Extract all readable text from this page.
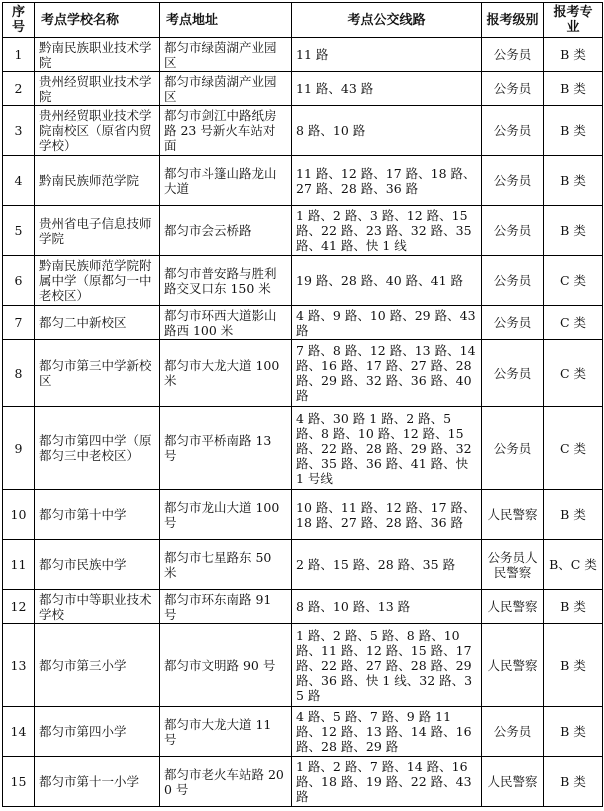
序号	考点学校名称	考点地址	考点公交线路	报考级别	报考专业
1	黔南民族职业技术学院	都匀市绿茵湖产业园区	11 路	公务员	B 类
2	贵州经贸职业技术学院	都匀市绿茵湖产业园区	11 路、43 路	公务员	B 类
3	贵州经贸职业技术学院南校区（原省内贸学校）	都匀市剑江中路纸房路 23 号新火车站对面	8 路、10 路	公务员	B 类
4	黔南民族师范学院	都匀市斗篷山路龙山大道	11 路、12 路、17 路、18 路、27 路、28 路、36 路	公务员	B 类
5	贵州省电子信息技师学院	都匀市会云桥路	1 路、2 路、3 路、12 路、15 路、22 路、23 路、32 路、35 路、41 路、快 1 线	公务员	B 类
6	黔南民族师范学院附属中学（原都匀一中老校区）	都匀市普安路与胜利路交叉口东 150 米	19 路、28 路、40 路、41 路	公务员	C 类
7	都匀二中新校区	都匀市环西大道影山路西 100 米	4 路、9 路、10 路、29 路、43 路	公务员	C 类
8	都匀市第三中学新校区	都匀市大龙大道 100 米	7 路、8 路、12 路、13 路、14 路、16 路、17 路、27 路、28 路、29 路、32 路、36 路、40 路	公务员	C 类
9	都匀市第四中学（原都匀三中老校区）	都匀市平桥南路 13 号	4 路、30 路 1 路、2 路、5 路、8 路、10 路、12 路、15 路、22 路、28 路、29 路、32 路、35 路、36 路、41 路、快 1 号线	公务员	C 类
10	都匀市第十中学	都匀市龙山大道 100 号	10 路、11 路、12 路、17 路、18 路、27 路、28 路、36 路	人民警察	B 类
11	都匀市民族中学	都匀市七星路东 50 米	2 路、15 路、28 路、35 路	公务员人民警察	B、C 类
12	都匀市中等职业技术学校	都匀市环东南路 91 号	8 路、10 路、13 路	人民警察	B 类
13	都匀市第三小学	都匀市文明路 90 号	1 路、2 路、5 路、8 路、10 路、11 路、12 路、15 路、17 路、22 路、27 路、28 路、29 路、36 路、快 1 线、32 路、35 路	人民警察	B 类
14	都匀市第四小学	都匀市大龙大道 11 号	4 路、5 路、7 路、9 路 11 路、12 路、13 路、14 路、16 路、28 路、29 路	公务员	B 类
15	都匀市第十一小学	都匀市老火车站路 200 号	1 路、2 路、7 路、14 路、16 路、18 路、19 路、22 路、43 路	人民警察	B 类
